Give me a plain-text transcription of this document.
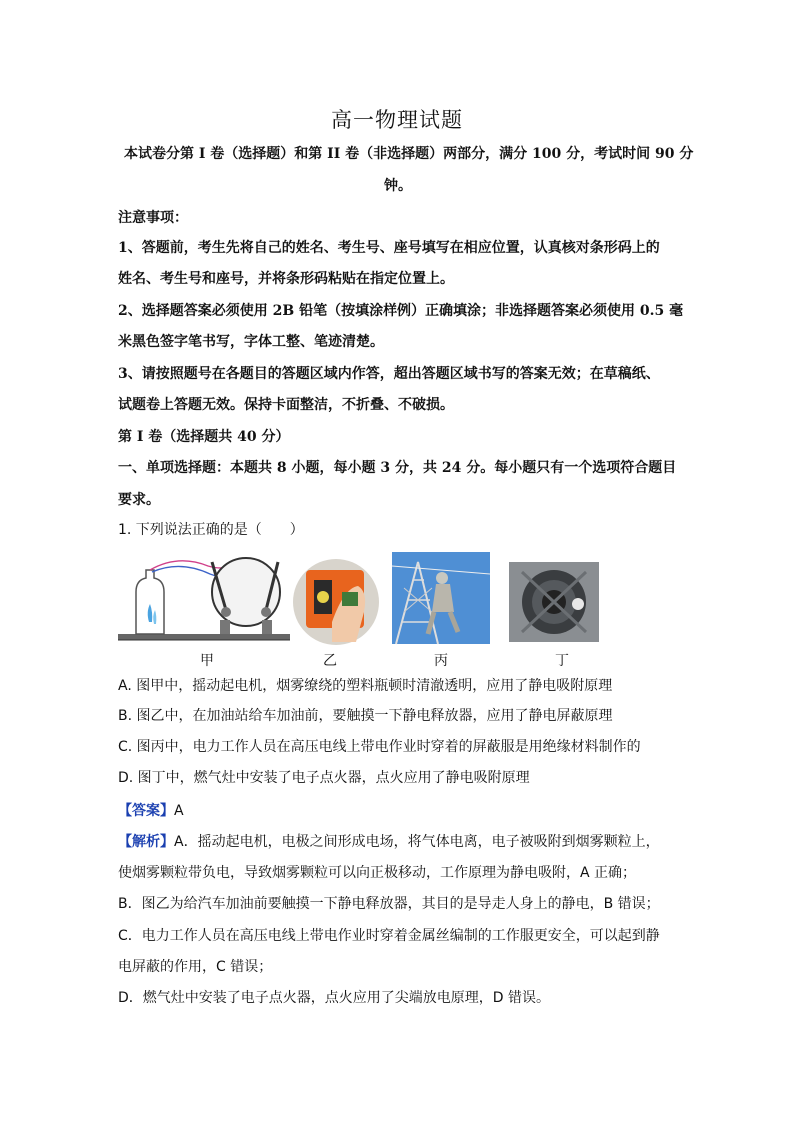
高一物理试题
本试卷分第 I 卷（选择题）和第 II 卷（非选择题）两部分，满分 100 分，考试时间 90 分
钟。
注意事项：
1、答题前，考生先将自己的姓名、考生号、座号填写在相应位置，认真核对条形码上的
姓名、考生号和座号，并将条形码粘贴在指定位置上。
2、选择题答案必须使用 2B 铅笔（按填涂样例）正确填涂；非选择题答案必须使用 0.5 毫
米黑色签字笔书写，字体工整、笔迹清楚。
3、请按照题号在各题目的答题区域内作答，超出答题区域书写的答案无效；在草稿纸、
试题卷上答题无效。保持卡面整洁，不折叠、不破损。
第 I 卷（选择题共 40 分）
一、单项选择题：本题共 8 小题，每小题 3 分，共 24 分。每小题只有一个选项符合题目
要求。
1. 下列说法正确的是（　　）
甲	乙	丙	丁
A. 图甲中，摇动起电机，烟雾缭绕的塑料瓶顿时清澈透明，应用了静电吸附原理
B. 图乙中，在加油站给车加油前，要触摸一下静电释放器，应用了静电屏蔽原理
C. 图丙中，电力工作人员在高压电线上带电作业时穿着的屏蔽服是用绝缘材料制作的
D. 图丁中，燃气灶中安装了电子点火器，点火应用了静电吸附原理
【答案】A
【解析】A．摇动起电机，电极之间形成电场，将气体电离，电子被吸附到烟雾颗粒上，
使烟雾颗粒带负电，导致烟雾颗粒可以向正极移动，工作原理为静电吸附，A 正确；
B．图乙为给汽车加油前要触摸一下静电释放器，其目的是导走人身上的静电，B 错误；
C．电力工作人员在高压电线上带电作业时穿着金属丝编制的工作服更安全，可以起到静
电屏蔽的作用，C 错误；
D．燃气灶中安装了电子点火器，点火应用了尖端放电原理，D 错误。
